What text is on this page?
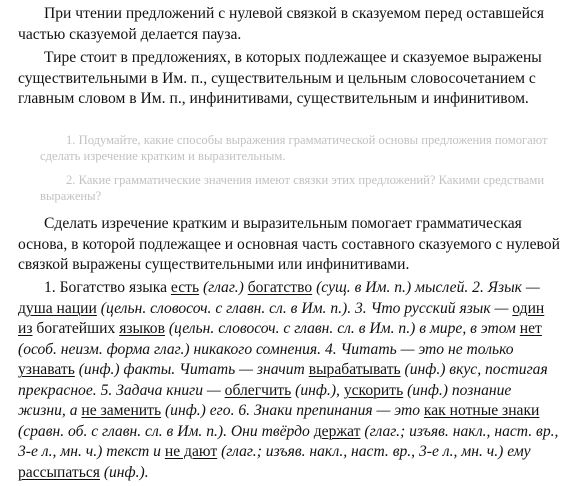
При чтении предложений с нулевой связкой в сказуемом перед оставшейся частью сказуемой делается пауза.

Тире стоит в предложениях, в которых подлежащее и сказуемое выражены существительными в Им. п., существительным и цельным словосочетанием с главным словом в Им. п., инфинитивами, существительным и инфинитивом.

1. Подумайте, какие способы выражения грамматической основы предложения помогают сделать изречение кратким и выразительным.

2. Какие грамматические значения имеют связки этих предложений? Какими средствами выражены?

Сделать изречение кратким и выразительным помогает грамматическая основа, в которой подлежащее и основная часть составного сказуемого с нулевой связкой выражены существительными или инфинитивами.

1. Богатство языка есть (глаг.) богатство (сущ. в Им. п.) мыслей. 2. Язык — душа нации (цельн. словосоч. с главн. сл. в Им. п.). 3. Что русский язык — один из богатейших языков (цельн. словосоч. с главн. сл. в Им. п.) в мире, в этом нет (особ. неизм. форма глаг.) никакого сомнения. 4. Читать — это не только узнавать (инф.) факты. Читать — значит вырабатывать (инф.) вкус, постигая прекрасное. 5. Задача книги — облегчить (инф.), ускорить (инф.) познание жизни, а не заменить (инф.) его. 6. Знаки препинания — это как нотные знаки (сравн. об. с главн. сл. в Им. п.). Они твёрдо держат (глаг.; изъяв. накл., наст. вр., 3-е л., мн. ч.) текст и не дают (глаг.; изъяв. накл., наст. вр., 3-е л., мн. ч.) ему рассыпаться (инф.).
